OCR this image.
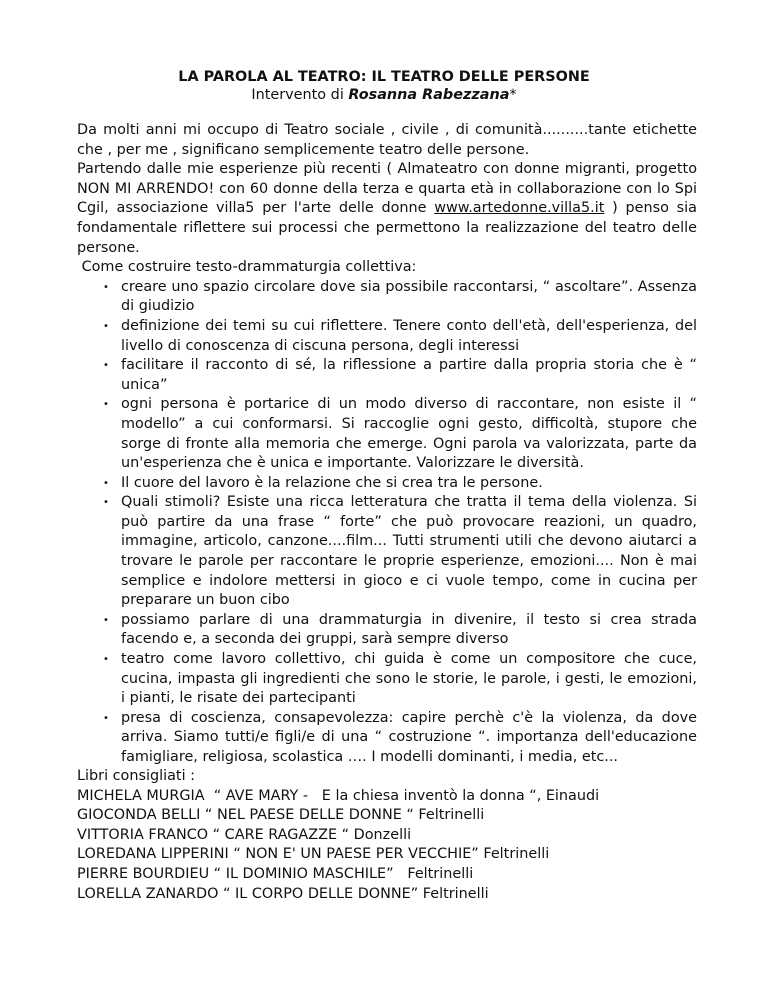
LA PAROLA AL TEATRO: IL TEATRO DELLE PERSONE
Intervento di Rosanna Rabezzana*

Da molti anni mi occupo di Teatro sociale , civile , di comunità..........tante etichette che , per me , significano semplicemente teatro delle persone.

Partendo dalle mie esperienze più recenti ( Almateatro con donne migranti, progetto NON MI ARRENDO! con 60 donne della terza e quarta età in collaborazione con lo Spi Cgil, associazione villa5 per l'arte delle donne www.artedonne.villa5.it ) penso sia fondamentale riflettere sui processi che permettono la realizzazione del teatro delle persone.

Come costruire testo-drammaturgia collettiva:
• creare uno spazio circolare dove sia possibile raccontarsi, “ ascoltare”. Assenza di giudizio
• definizione dei temi su cui riflettere. Tenere conto dell'età, dell'esperienza, del livello di conoscenza di ciscuna persona, degli interessi
• facilitare il racconto di sé, la riflessione a partire dalla propria storia che è “ unica”
• ogni persona è portarice di un modo diverso di raccontare, non esiste il “ modello” a cui conformarsi. Si raccoglie ogni gesto, difficoltà, stupore che sorge di fronte alla memoria che emerge. Ogni parola va valorizzata, parte da un'esperienza che è unica e importante. Valorizzare le diversità.
• Il cuore del lavoro è la relazione che si crea tra le persone.
• Quali stimoli? Esiste una ricca letteratura che tratta il tema della violenza. Si può partire da una frase “ forte” che può provocare reazioni, un quadro, immagine, articolo, canzone....film... Tutti strumenti utili che devono aiutarci a trovare le parole per raccontare le proprie esperienze, emozioni.... Non è mai semplice e indolore mettersi in gioco e ci vuole tempo, come in cucina per preparare un buon cibo
• possiamo parlare di una drammaturgia in divenire, il testo si crea strada facendo e, a seconda dei gruppi, sarà sempre diverso
• teatro come lavoro collettivo, chi guida è come un compositore che cuce, cucina, impasta gli ingredienti che sono le storie, le parole, i gesti, le emozioni, i pianti, le risate dei partecipanti
• presa di coscienza, consapevolezza: capire perchè c'è la violenza, da dove arriva. Siamo tutti/e figli/e di una “ costruzione “. importanza dell'educazione famigliare, religiosa, scolastica …. I modelli dominanti, i media, etc...
Libri consigliati :
MICHELA MURGIA  “ AVE MARY -   E la chiesa inventò la donna “, Einaudi
GIOCONDA BELLI “ NEL PAESE DELLE DONNE “ Feltrinelli
VITTORIA FRANCO “ CARE RAGAZZE “ Donzelli
LOREDANA LIPPERINI “ NON E' UN PAESE PER VECCHIE” Feltrinelli
PIERRE BOURDIEU “ IL DOMINIO MASCHILE”   Feltrinelli
LORELLA ZANARDO “ IL CORPO DELLE DONNE” Feltrinelli
